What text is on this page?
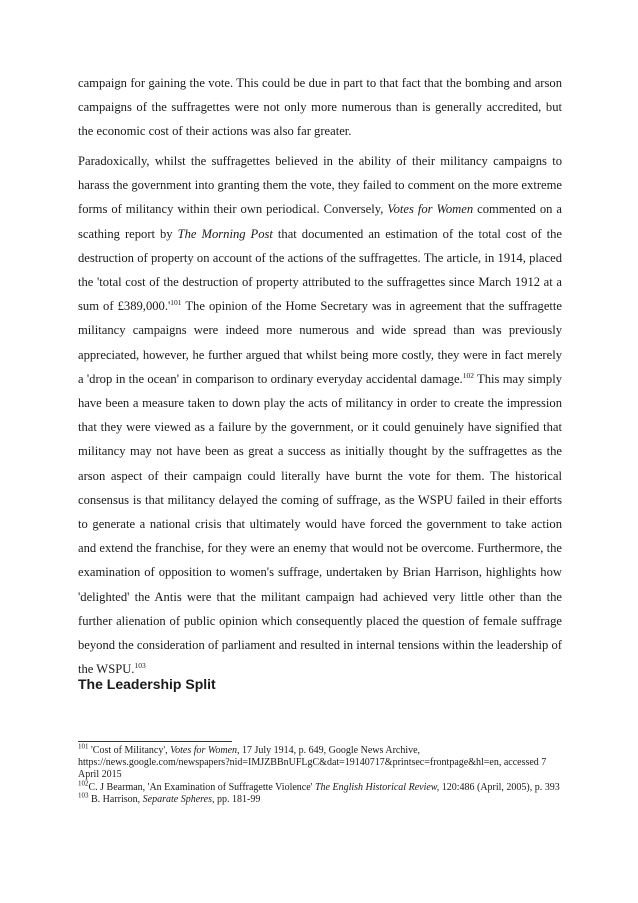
campaign for gaining the vote. This could be due in part to that fact that the bombing and arson campaigns of the suffragettes were not only more numerous than is generally accredited, but the economic cost of their actions was also far greater.

Paradoxically, whilst the suffragettes believed in the ability of their militancy campaigns to harass the government into granting them the vote, they failed to comment on the more extreme forms of militancy within their own periodical. Conversely, Votes for Women commented on a scathing report by The Morning Post that documented an estimation of the total cost of the destruction of property on account of the actions of the suffragettes. The article, in 1914, placed the 'total cost of the destruction of property attributed to the suffragettes since March 1912 at a sum of $£389,000.'^{101}$ The opinion of the Home Secretary was in agreement that the suffragette militancy campaigns were indeed more numerous and wide spread than was previously appreciated, however, he further argued that whilst being more costly, they were in fact merely a 'drop in the ocean' in comparison to ordinary everyday accidental damage.$^{102}$ This may simply have been a measure taken to down play the acts of militancy in order to create the impression that they were viewed as a failure by the government, or it could genuinely have signified that militancy may not have been as great a success as initially thought by the suffragettes as the arson aspect of their campaign could literally have burnt the vote for them. The historical consensus is that militancy delayed the coming of suffrage, as the WSPU failed in their efforts to generate a national crisis that ultimately would have forced the government to take action and extend the franchise, for they were an enemy that would not be overcome. Furthermore, the examination of opposition to women's suffrage, undertaken by Brian Harrison, highlights how 'delighted' the Antis were that the militant campaign had achieved very little other than the further alienation of public opinion which consequently placed the question of female suffrage beyond the consideration of parliament and resulted in internal tensions within the leadership of the WSPU.$^{103}$

The Leadership Split

$^{101}$ 'Cost of Militancy', Votes for Women, 17 July 1914, p. 649, Google News Archive, https://news.google.com/newspapers?nid=IMJZBBnUFLgC&dat=19140717&printsec=frontpage&hl=en, accessed 7 April 2015

$^{102}$C. J Bearman, 'An Examination of Suffragette Violence' The English Historical Review, 120:486 (April, 2005), p. 393

$^{103}$ B. Harrison, Separate Spheres, pp. 181-99
